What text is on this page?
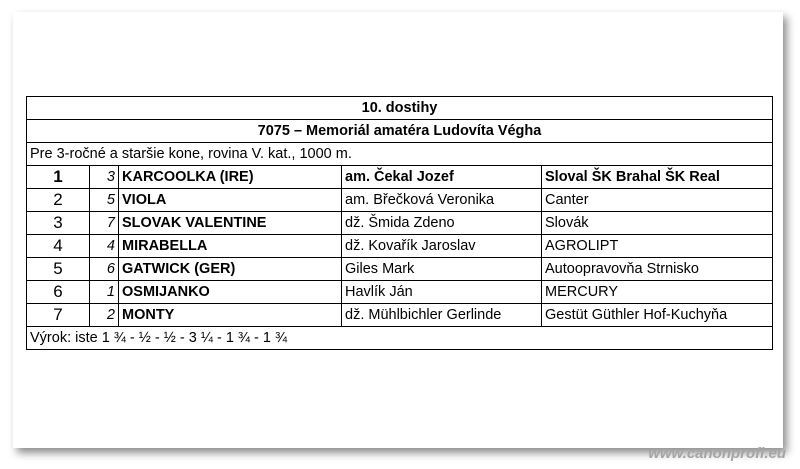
10. dostihy				
7075 – Memoriál amatéra Ludovíta Végha				
Pre 3-ročné a staršie kone, rovina V. kat., 1000 m.				
1	3	KARCOOLKA (IRE)	am. Čekal Jozef	Sloval ŠK Brahal ŠK Real
2	5	VIOLA	am. Břečková Veronika	Canter
3	7	SLOVAK VALENTINE	dž. Šmida Zdeno	Slovák
4	4	MIRABELLA	dž. Kovařík Jaroslav	AGROLIPT
5	6	GATWICK (GER)	Giles Mark	Autoopravovňa Strnisko
6	1	OSMIJANKO	Havlík Ján	MERCURY
7	2	MONTY	dž. Mühlbichler Gerlinde	Gestüt Güthler Hof-Kuchyňa
Výrok: iste 1 ¾ - ½ - ½ - 3 ¼ - 1 ¾ - 1 ¾				
www.canonprofi.eu
